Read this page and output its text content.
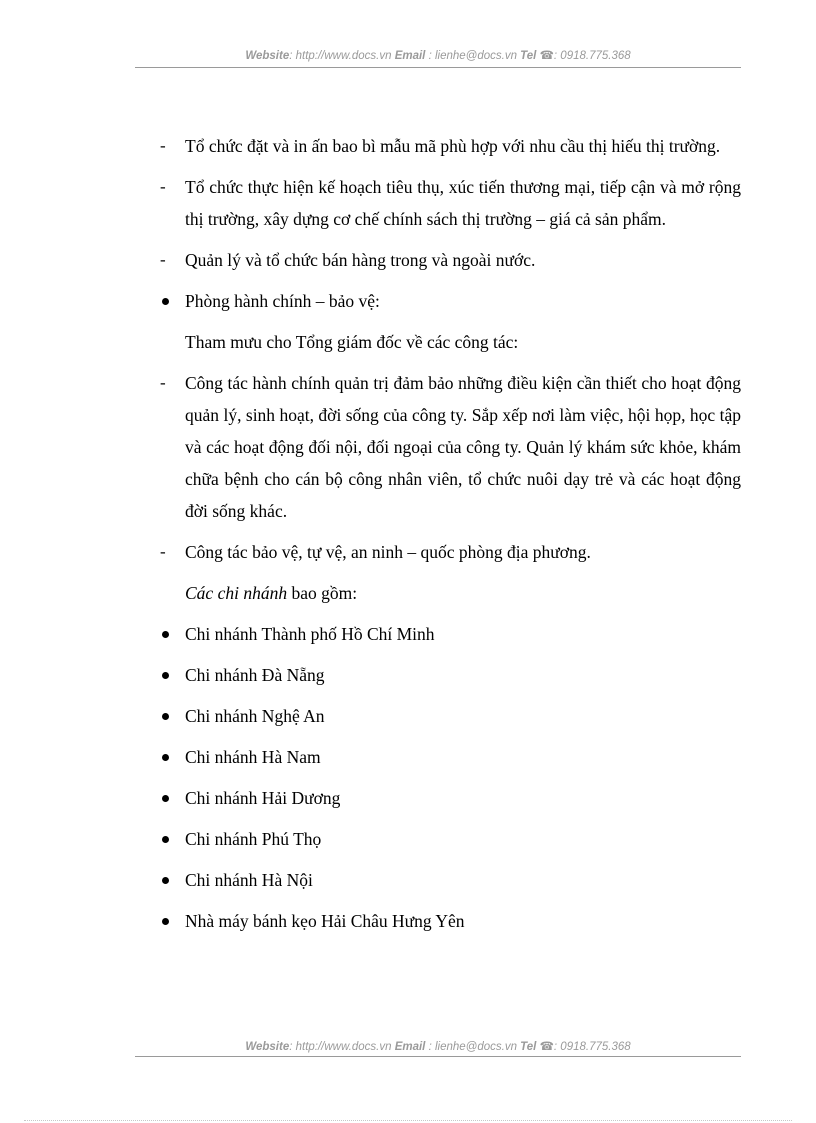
Website: http://www.docs.vn Email : lienhe@docs.vn Tel ☎: 0918.775.368
-	Tổ chức đặt và in ấn bao bì mẫu mã phù hợp với nhu cầu thị hiếu thị trường.
-	Tổ chức thực hiện kế hoạch tiêu thụ, xúc tiến thương mại, tiếp cận và mở rộng thị trường, xây dựng cơ chế chính sách thị trường – giá cả sản phẩm.
-	Quản lý và tổ chức bán hàng trong và ngoài nước.
Phòng hành chính – bảo vệ:
Tham mưu cho Tổng giám đốc về các công tác:
-	Công tác hành chính quản trị đảm bảo những điều kiện cần thiết cho hoạt động quản lý, sinh hoạt, đời sống của công ty. Sắp xếp nơi làm việc, hội họp, học tập và các hoạt động đối nội, đối ngoại của công ty. Quản lý khám sức khỏe, khám chữa bệnh cho cán bộ công nhân viên, tổ chức nuôi dạy trẻ và các hoạt động đời sống khác.
-	Công tác bảo vệ, tự vệ, an ninh – quốc phòng địa phương.
Các chi nhánh bao gồm:
Chi nhánh Thành phố Hồ Chí Minh
Chi nhánh Đà Nẵng
Chi nhánh Nghệ An
Chi nhánh Hà Nam
Chi nhánh Hải Dương
Chi nhánh Phú Thọ
Chi nhánh Hà Nội
Nhà máy bánh kẹo Hải Châu Hưng Yên
Website: http://www.docs.vn Email : lienhe@docs.vn Tel ☎: 0918.775.368
